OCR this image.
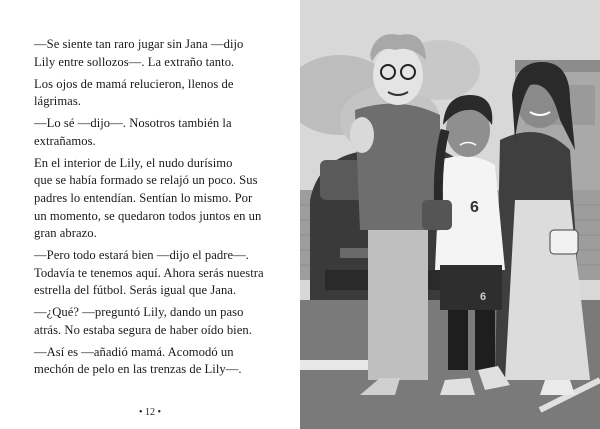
—Se siente tan raro jugar sin Jana —dijo
Lily entre sollozos—. La extraño tanto.

Los ojos de mamá relucieron, llenos de
lágrimas.

—Lo sé —dijo—. Nosotros también la
extrañamos.

En el interior de Lily, el nudo durísimo
que se había formado se relajó un poco. Sus
padres lo entendían. Sentían lo mismo. Por
un momento, se quedaron todos juntos en un
gran abrazo.

—Pero todo estará bien —dijo el padre—.
Todavía te tenemos aquí. Ahora serás nuestra
estrella del fútbol. Serás igual que Jana.

—¿Qué? —preguntó Lily, dando un paso
atrás. No estaba segura de haber oído bien.

—Así es —añadió mamá. Acomodó un
mechón de pelo en las trenzas de Lily—.

• 12 •
6
6
